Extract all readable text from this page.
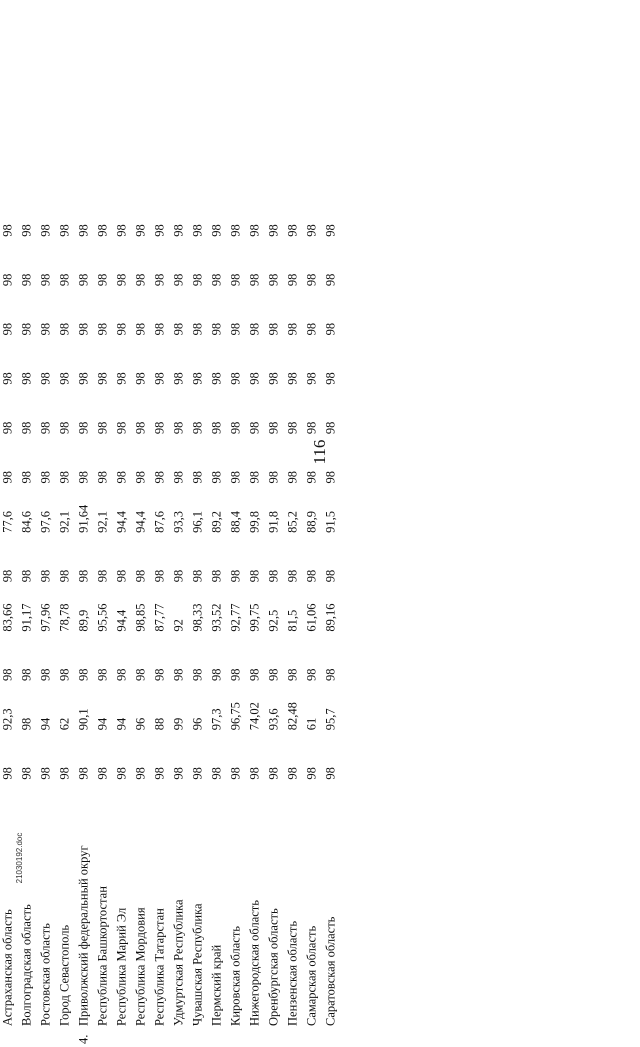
116
21030192.doc

Астраханская область	98	92,3	98	83,66	98	77,6	98	98	98	98	98	98
Волгоградская область	98	98	98	91,17	98	84,6	98	98	98	98	98	98
Ростовская область	98	94	98	97,96	98	97,6	98	98	98	98	98	98
Город Севастополь	98	62	98	78,78	98	92,1	98	98	98	98	98	98
4.Приволжский федеральный округ	98	90,1	98	89,9	98	91,64	98	98	98	98	98	98
Республика Башкортостан	98	94	98	95,56	98	92,1	98	98	98	98	98	98
Республика Марий Эл	98	94	98	94,4	98	94,4	98	98	98	98	98	98
Республика Мордовия	98	96	98	98,85	98	94,4	98	98	98	98	98	98
Республика Татарстан	98	88	98	87,77	98	87,6	98	98	98	98	98	98
Удмуртская Республика	98	99	98	92	98	93,3	98	98	98	98	98	98
Чувашская Республика	98	96	98	98,33	98	96,1	98	98	98	98	98	98
Пермский край	98	97,3	98	93,52	98	89,2	98	98	98	98	98	98
Кировская область	98	96,75	98	92,77	98	88,4	98	98	98	98	98	98
Нижегородская область	98	74,02	98	99,75	98	99,8	98	98	98	98	98	98
Оренбургская область	98	93,6	98	92,5	98	91,8	98	98	98	98	98	98
Пензенская область	98	82,48	98	81,5	98	85,2	98	98	98	98	98	98
Самарская область	98	61	98	61,06	98	88,9	98	98	98	98	98	98
Саратовская область	98	95,7	98	89,16	98	91,5	98	98	98	98	98	98
